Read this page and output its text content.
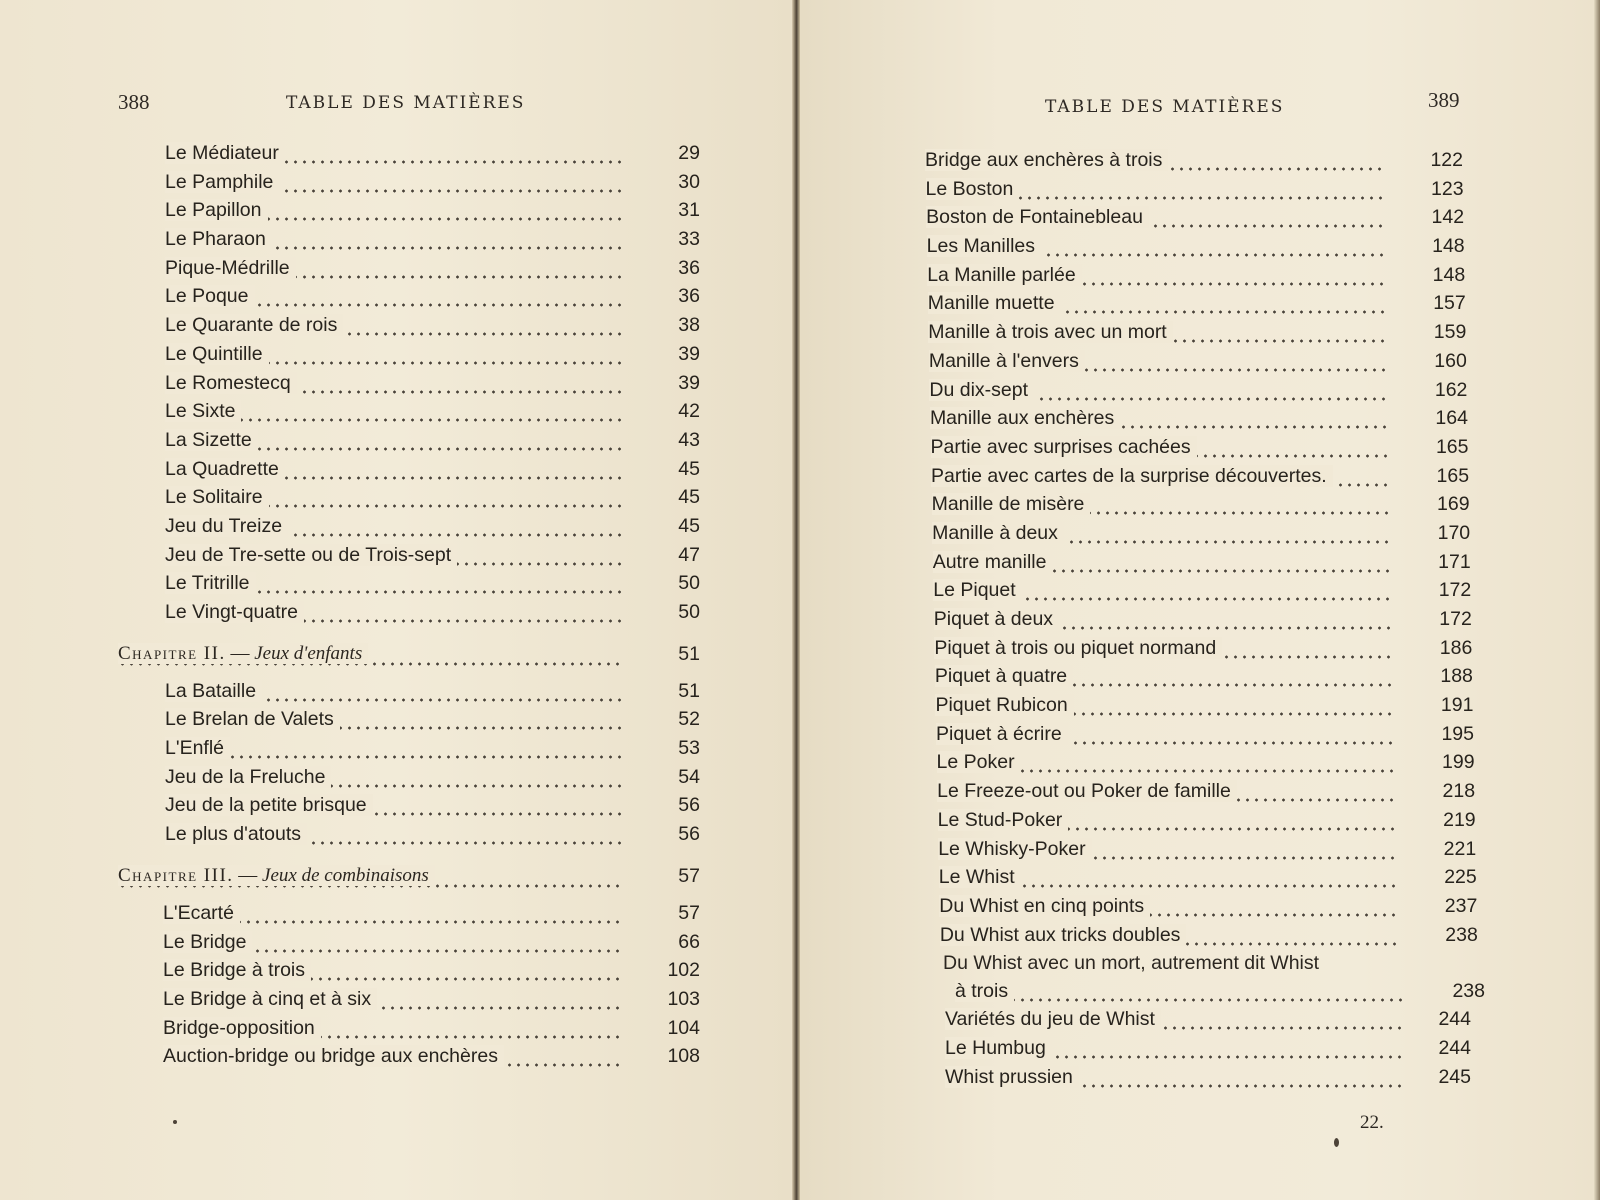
388	TABLE DES MATIÈRES
Le Médiateur	29
Le Pamphile	30
Le Papillon	31
Le Pharaon	33
Pique-Médrille	36
Le Poque	36
Le Quarante de rois	38
Le Quintille	39
Le Romestecq	39
Le Sixte	42
La Sizette	43
La Quadrette	45
Le Solitaire	45
Jeu du Treize	45
Jeu de Tre-sette ou de Trois-sept	47
Le Tritrille	50
Le Vingt-quatre	50
Chapitre II. — Jeux d'enfants	51
La Bataille	51
Le Brelan de Valets	52
L'Enflé	53
Jeu de la Freluche	54
Jeu de la petite brisque	56
Le plus d'atouts	56
Chapitre III. — Jeux de combinaisons	57
L'Ecarté	57
Le Bridge	66
Le Bridge à trois	102
Le Bridge à cinq et à six	103
Bridge-opposition	104
Auction-bridge ou bridge aux enchères	108
TABLE DES MATIÈRES	389
Bridge aux enchères à trois	122
Le Boston	123
Boston de Fontainebleau	142
Les Manilles	148
La Manille parlée	148
Manille muette	157
Manille à trois avec un mort	159
Manille à l'envers	160
Du dix-sept	162
Manille aux enchères	164
Partie avec surprises cachées	165
Partie avec cartes de la surprise découvertes.	165
Manille de misère	169
Manille à deux	170
Autre manille	171
Le Piquet	172
Piquet à deux	172
Piquet à trois ou piquet normand	186
Piquet à quatre	188
Piquet Rubicon	191
Piquet à écrire	195
Le Poker	199
Le Freeze-out ou Poker de famille	218
Le Stud-Poker	219
Le Whisky-Poker	221
Le Whist	225
Du Whist en cinq points	237
Du Whist aux tricks doubles	238
Du Whist avec un mort, autrement dit Whist
à trois	238
Variétés du jeu de Whist	244
Le Humbug	244
Whist prussien	245
22.
